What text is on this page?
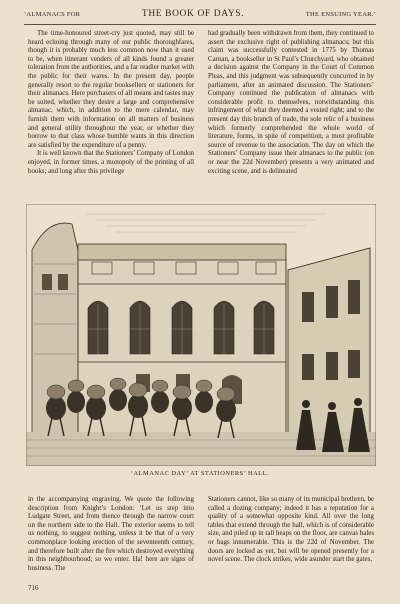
‘ALMANACS FOR	THE BOOK OF DAYS.	THE ENSUING YEAR.’

The time-honoured street-cry just quoted, may still be heard echoing through many of our public thoroughfares, though it is probably much less common now than it used to be, when itinerant venders of all kinds found a greater toleration from the authorities, and a far readier market with the public for their wares. In the present day, people generally resort to the regular booksellers or stationers for their almanacs. Here purchasers of all means and tastes may be suited, whether they desire a large and comprehensive almanac, which, in addition to the mere calendar, may furnish them with information on all matters of business and general utility throughout the year, or whether they borrow to that class whose humble wants in this direction are satisfied by the expenditure of a penny.

It is well known that the Stationers’ Company of London enjoyed, in former times, a monopoly of the printing of all books; and long after this privilege

had gradually been withdrawn from them, they continued to assert the exclusive right of publishing almanacs; but this claim was successfully contested in 1775 by Thomas Carnan, a bookseller in St Paul’s Churchyard, who obtained a decision against the Company in the Court of Common Pleas, and this judgment was subsequently concurred in by parliament, after an animated discussion. The Stationers’ Company continued the publication of almanacs with considerable profit to themselves, notwithstanding this infringement of what they deemed a vested right; and to the present day this branch of trade, the sole relic of a business which formerly comprehended the whole world of literature, forms, in spite of competition, a most profitable source of revenue to the association. The day on which the Stationers’ Company issue their almanacs to the public (on or near the 22d November) presents a very animated and exciting scene, and is delineated

‘ALMANAC DAY’ AT STATIONERS’ HALL.

in the accompanying engraving. We quote the following description from Knight’s London: ‘Let us step into Ludgate Street, and from thence through the narrow court on the northern side to the Hall. The exterior seems to tell us nothing, to suggest nothing, unless it be that of a very commonplace looking erection of the seventeenth century, and therefore built after the fire which destroyed everything in this neighbourhood; so we enter. Ha! here are signs of business. The

Stationers cannot, like so many of its municipal brethren, be called a dozing company; indeed it has a reputation for a quality of a somewhat opposite kind. All over the long tables that extend through the hall, which is of considerable size, and piled up in tall heaps on the floor, are canvas bales or bags innumerable. This is the 22d of November. The doors are locked as yet, but will be opened presently for a novel scene. The clock strikes, wide asunder start the gates,

716
